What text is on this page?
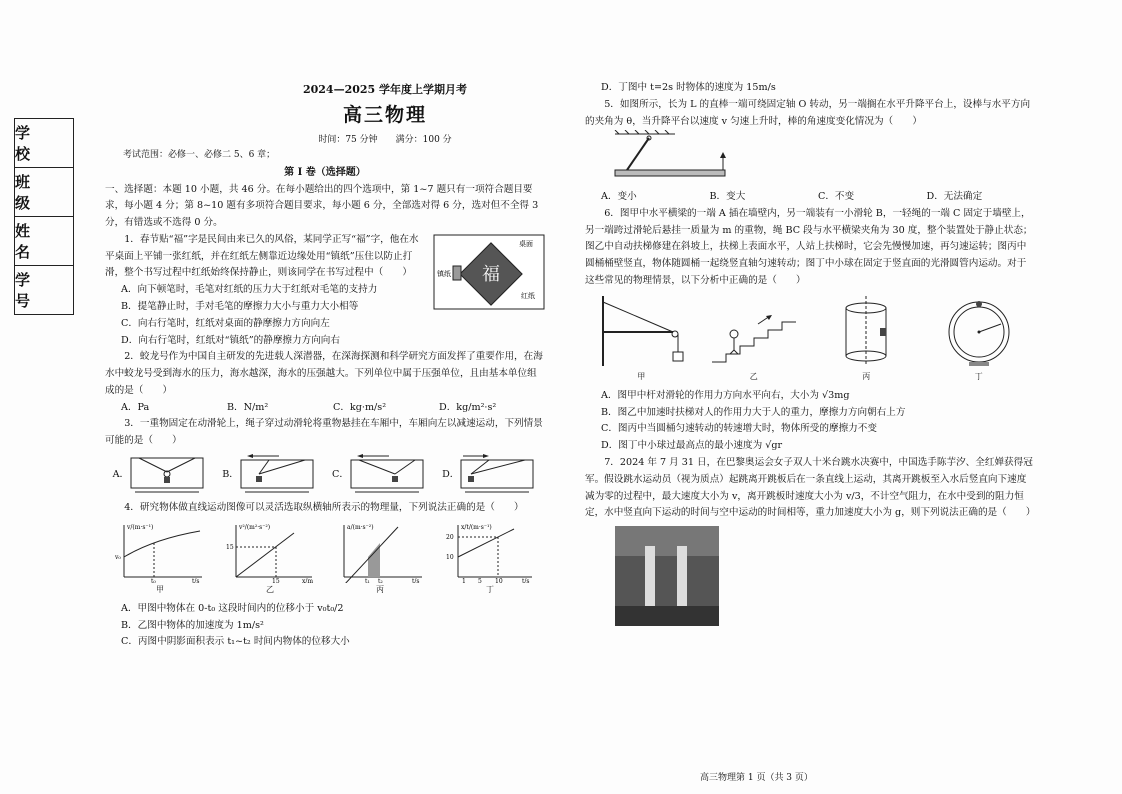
学 校
班 级
姓 名
学 号
2024—2025 学年度上学期月考
高三物理
时间：75 分钟　　满分：100 分
考试范围：必修一、必修二 5、6 章；
第 Ⅰ 卷（选择题）

一、选择题：本题 10 小题，共 46 分。在每小题给出的四个选项中，第 1~7 题只有一项符合题目要求，每小题 4 分；第 8~10 题有多项符合题目要求，每小题 6 分，全部选对得 6 分，选对但不全得 3 分，有错选或不选得 0 分。

福
镇纸
桌面
红纸

1．春节贴“福”字是民间由来已久的风俗，某同学正写“福”字，他在水平桌面上平铺一张红纸，并在红纸左侧靠近边缘处用“镇纸”压住以防止打滑，整个书写过程中红纸始终保持静止，则该同学在书写过程中（　　）

A．向下顿笔时，毛笔对红纸的压力大于红纸对毛笔的支持力

B．提笔静止时，手对毛笔的摩擦力大小与重力大小相等

C．向右行笔时，红纸对桌面的静摩擦力方向向左

D．向右行笔时，红纸对“镇纸”的静摩擦力方向向右

2．蛟龙号作为中国自主研发的先进载人深潜器，在深海探测和科学研究方面发挥了重要作用，在海水中蛟龙号受到海水的压力，海水越深，海水的压强越大。下列单位中属于压强单位，且由基本单位组成的是（　　）

A．Pa	B．N/m²	C．kg·m/s²	D．kg/m²·s²

3．一重物固定在动滑轮上，绳子穿过动滑轮将重物悬挂在车厢中，车厢向左以减速运动，下列情景可能的是（　　）

A．	B．	C．	D．

4．研究物体做直线运动图像可以灵活选取纵横轴所表示的物理量，下列说法正确的是（　　）

v/(m·s⁻¹)
t/s
t₀
v₀
甲
v²/(m²·s⁻²)
x/m
15
15
乙
a/(m·s⁻²)
t/s
t₁ t₂
丙
x/t/(m·s⁻¹)
t/s
20
10
1 5 10
丁

A．甲图中物体在 0-t₀ 这段时间内的位移小于 v₀t₀/2

B．乙图中物体的加速度为 1m/s²

C．丙图中阴影面积表示 t₁~t₂ 时间内物体的位移大小

D．丁图中 t=2s 时物体的速度为 15m/s

5．如图所示，长为 L 的直棒一端可绕固定轴 O 转动，另一端搁在水平升降平台上，设棒与水平方向的夹角为 θ，当升降平台以速度 v 匀速上升时，棒的角速度变化情况为（　　）

A．变小	B．变大	C．不变	D．无法确定

6．图甲中水平横梁的一端 A 插在墙壁内，另一端装有一小滑轮 B，一轻绳的一端 C 固定于墙壁上，另一端跨过滑轮后悬挂一质量为 m 的重物，绳 BC 段与水平横梁夹角为 30 度，整个装置处于静止状态；图乙中自动扶梯修建在斜坡上，扶梯上表面水平，人站上扶梯时，它会先慢慢加速，再匀速运转；图丙中圆桶桶壁竖直，物体随圆桶一起绕竖直轴匀速转动；图丁中小球在固定于竖直面的光滑圆管内运动。对于这些常见的物理情景，以下分析中正确的是（　　）

甲	乙	丙	丁

A．图甲中杆对滑轮的作用力方向水平向右，大小为 √3mg

B．图乙中加速时扶梯对人的作用力大于人的重力，摩擦力方向朝右上方

C．图丙中当圆桶匀速转动的转速增大时，物体所受的摩擦力不变

D．图丁中小球过最高点的最小速度为 √gr

7．2024 年 7 月 31 日，在巴黎奥运会女子双人十米台跳水决赛中，中国选手陈芋汐、全红婵获得冠军。假设跳水运动员（视为质点）起跳离开跳板后在一条直线上运动，其离开跳板至入水后竖直向下速度减为零的过程中，最大速度大小为 v，离开跳板时速度大小为 v/3，不计空气阻力，在水中受到的阻力恒定，水中竖直向下运动的时间与空中运动的时间相等，重力加速度大小为 g，则下列说法正确的是（　　）

高三物理第 1 页（共 3 页）
